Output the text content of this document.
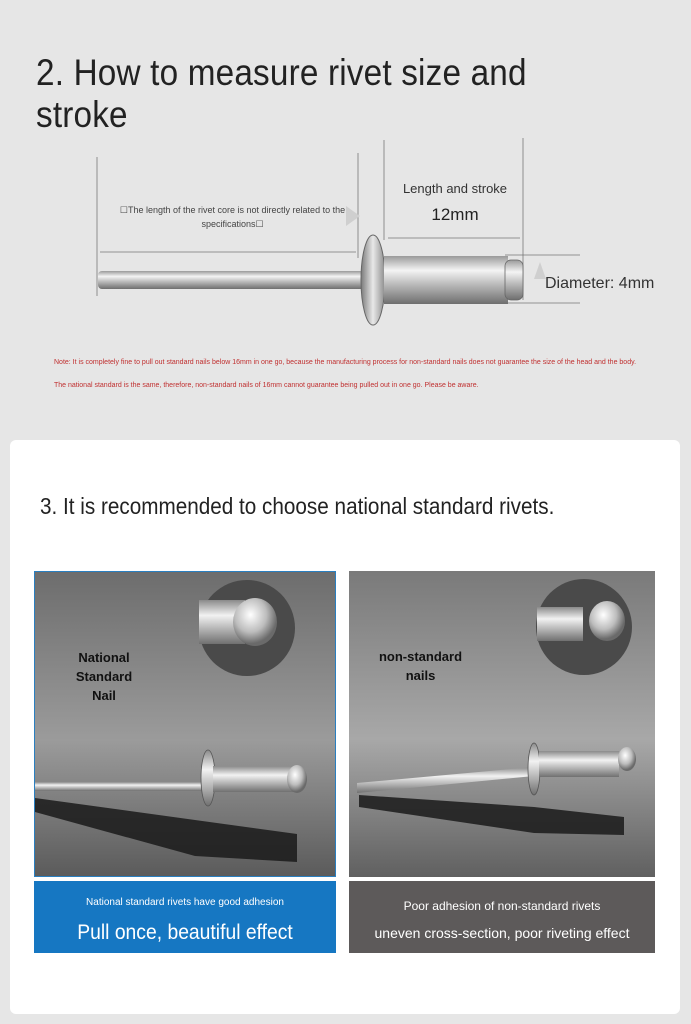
2. How to measure rivet size and stroke
☐The length of the rivet core is not directly related to the specifications☐
Length and stroke
12mm
Diameter: 4mm
Note: It is completely fine to pull out standard nails below 16mm in one go, because the manufacturing process for non-standard nails does not guarantee the size of the head and the body.
The national standard is the same, therefore, non-standard nails of 16mm cannot guarantee being pulled out in one go. Please be aware.
3. It is recommended to choose national standard rivets.
National Standard
Nail
non-standard
nails
National standard rivets have good adhesion
Pull once, beautiful effect
Poor adhesion of non-standard rivets
uneven cross-section, poor riveting effect
